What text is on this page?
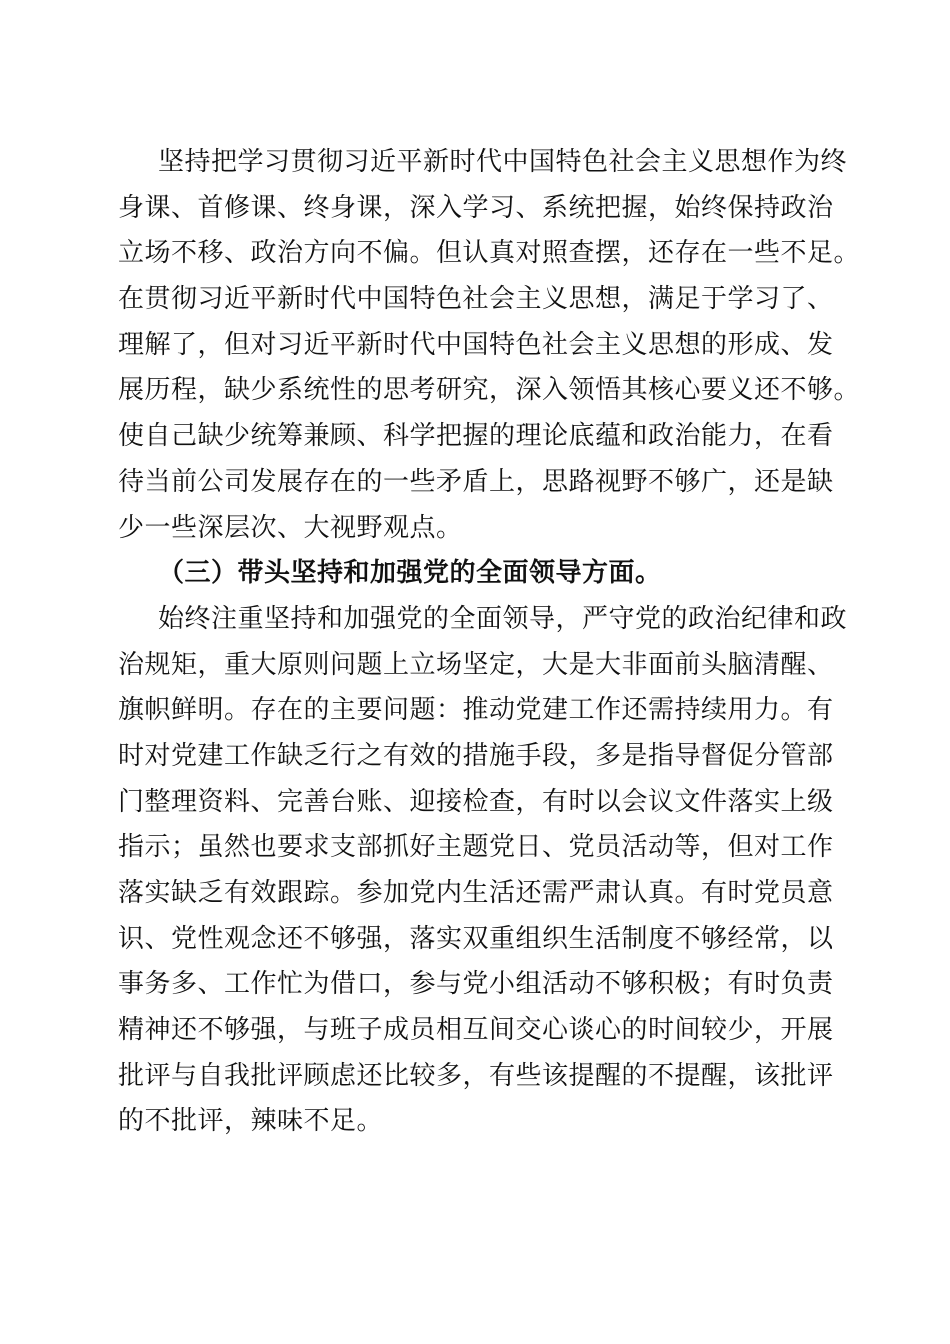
坚持把学习贯彻习近平新时代中国特色社会主义思想作为终
身课、首修课、终身课，深入学习、系统把握，始终保持政治
立场不移、政治方向不偏。但认真对照查摆，还存在一些不足。
在贯彻习近平新时代中国特色社会主义思想，满足于学习了、
理解了，但对习近平新时代中国特色社会主义思想的形成、发
展历程，缺少系统性的思考研究，深入领悟其核心要义还不够。
使自己缺少统筹兼顾、科学把握的理论底蕴和政治能力，在看
待当前公司发展存在的一些矛盾上，思路视野不够广，还是缺
少一些深层次、大视野观点。
（三）带头坚持和加强党的全面领导方面。
始终注重坚持和加强党的全面领导，严守党的政治纪律和政
治规矩，重大原则问题上立场坚定，大是大非面前头脑清醒、
旗帜鲜明。存在的主要问题：推动党建工作还需持续用力。有
时对党建工作缺乏行之有效的措施手段，多是指导督促分管部
门整理资料、完善台账、迎接检查，有时以会议文件落实上级
指示；虽然也要求支部抓好主题党日、党员活动等，但对工作
落实缺乏有效跟踪。参加党内生活还需严肃认真。有时党员意
识、党性观念还不够强，落实双重组织生活制度不够经常，以
事务多、工作忙为借口，参与党小组活动不够积极；有时负责
精神还不够强，与班子成员相互间交心谈心的时间较少，开展
批评与自我批评顾虑还比较多，有些该提醒的不提醒，该批评
的不批评，辣味不足。
